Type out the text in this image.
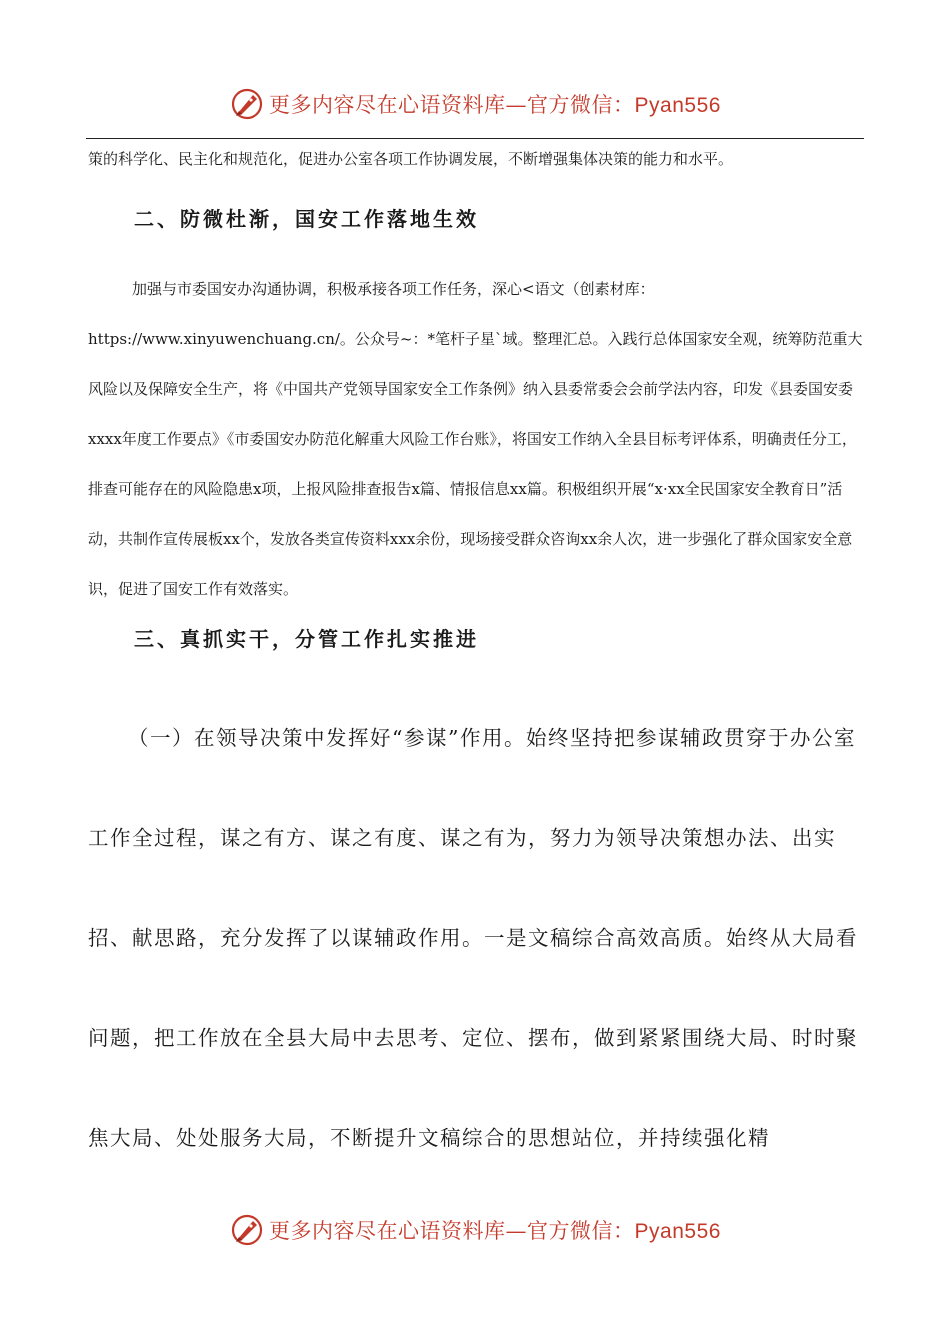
更多内容尽在心语资料库—官方微信：Pyan556

策的科学化、民主化和规范化，促进办公室各项工作协调发展，不断增强集体决策的能力和水平。

二、防微杜渐，国安工作落地生效

加强与市委国安办沟通协调，积极承接各项工作任务，深心<语文（创素材库：https://www.xinyuwenchuang.cn/。公众号~：*笔杆子星`域。整理汇总。入践行总体国家安全观，统筹防范重大风险以及保障安全生产，将《中国共产党领导国家安全工作条例》纳入县委常委会会前学法内容，印发《县委国安委xxxx年度工作要点》《市委国安办防范化解重大风险工作台账》，将国安工作纳入全县目标考评体系，明确责任分工，排查可能存在的风险隐患x项，上报风险排查报告x篇、情报信息xx篇。积极组织开展“x·xx全民国家安全教育日”活动，共制作宣传展板xx个，发放各类宣传资料xxx余份，现场接受群众咨询xx余人次，进一步强化了群众国家安全意识，促进了国安工作有效落实。

三、真抓实干，分管工作扎实推进

（一）在领导决策中发挥好“参谋”作用。始终坚持把参谋辅政贯穿于办公室工作全过程，谋之有方、谋之有度、谋之有为，努力为领导决策想办法、出实招、献思路，充分发挥了以谋辅政作用。一是文稿综合高效高质。始终从大局看问题，把工作放在全县大局中去思考、定位、摆布，做到紧紧围绕大局、时时聚焦大局、处处服务大局，不断提升文稿综合的思想站位，并持续强化精

更多内容尽在心语资料库—官方微信：Pyan556
